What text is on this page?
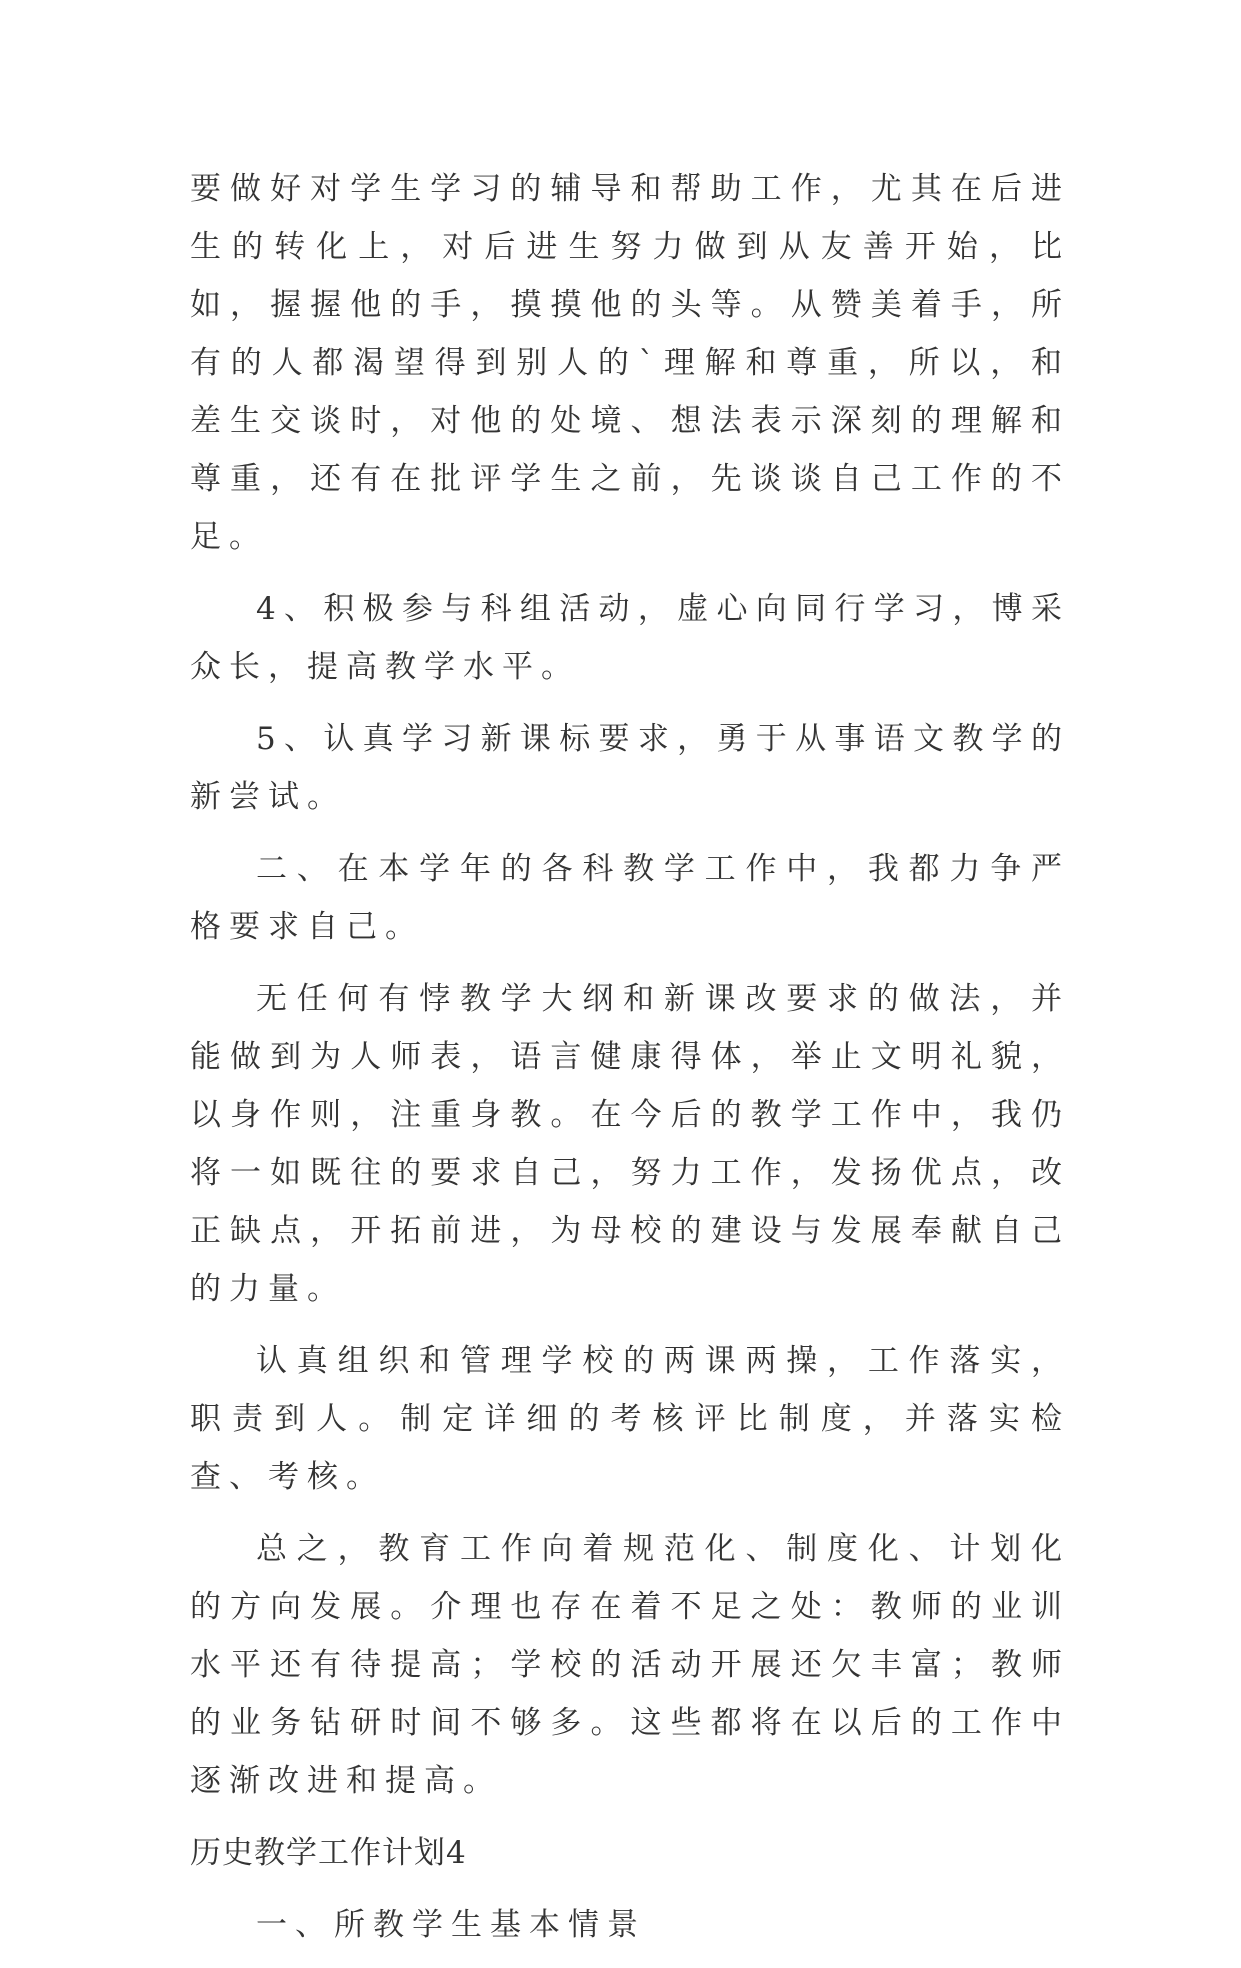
要做好对学生学习的辅导和帮助工作，尤其在后进生的转化上，对后进生努力做到从友善开始，比如，握握他的手，摸摸他的头等。从赞美着手，所有的人都渴望得到别人的`理解和尊重，所以，和差生交谈时，对他的处境、想法表示深刻的理解和尊重，还有在批评学生之前，先谈谈自己工作的不足。

4、积极参与科组活动，虚心向同行学习，博采众长，提高教学水平。

5、认真学习新课标要求，勇于从事语文教学的新尝试。

二、在本学年的各科教学工作中，我都力争严格要求自己。

无任何有悖教学大纲和新课改要求的做法，并能做到为人师表，语言健康得体，举止文明礼貌，以身作则，注重身教。在今后的教学工作中，我仍将一如既往的要求自己，努力工作，发扬优点，改正缺点，开拓前进，为母校的建设与发展奉献自己的力量。

认真组织和管理学校的两课两操，工作落实，职责到人。制定详细的考核评比制度，并落实检查、考核。

总之，教育工作向着规范化、制度化、计划化的方向发展。介理也存在着不足之处：教师的业训水平还有待提高；学校的活动开展还欠丰富；教师的业务钻研时间不够多。这些都将在以后的工作中逐渐改进和提高。

历史教学工作计划4

一、所教学生基本情景
